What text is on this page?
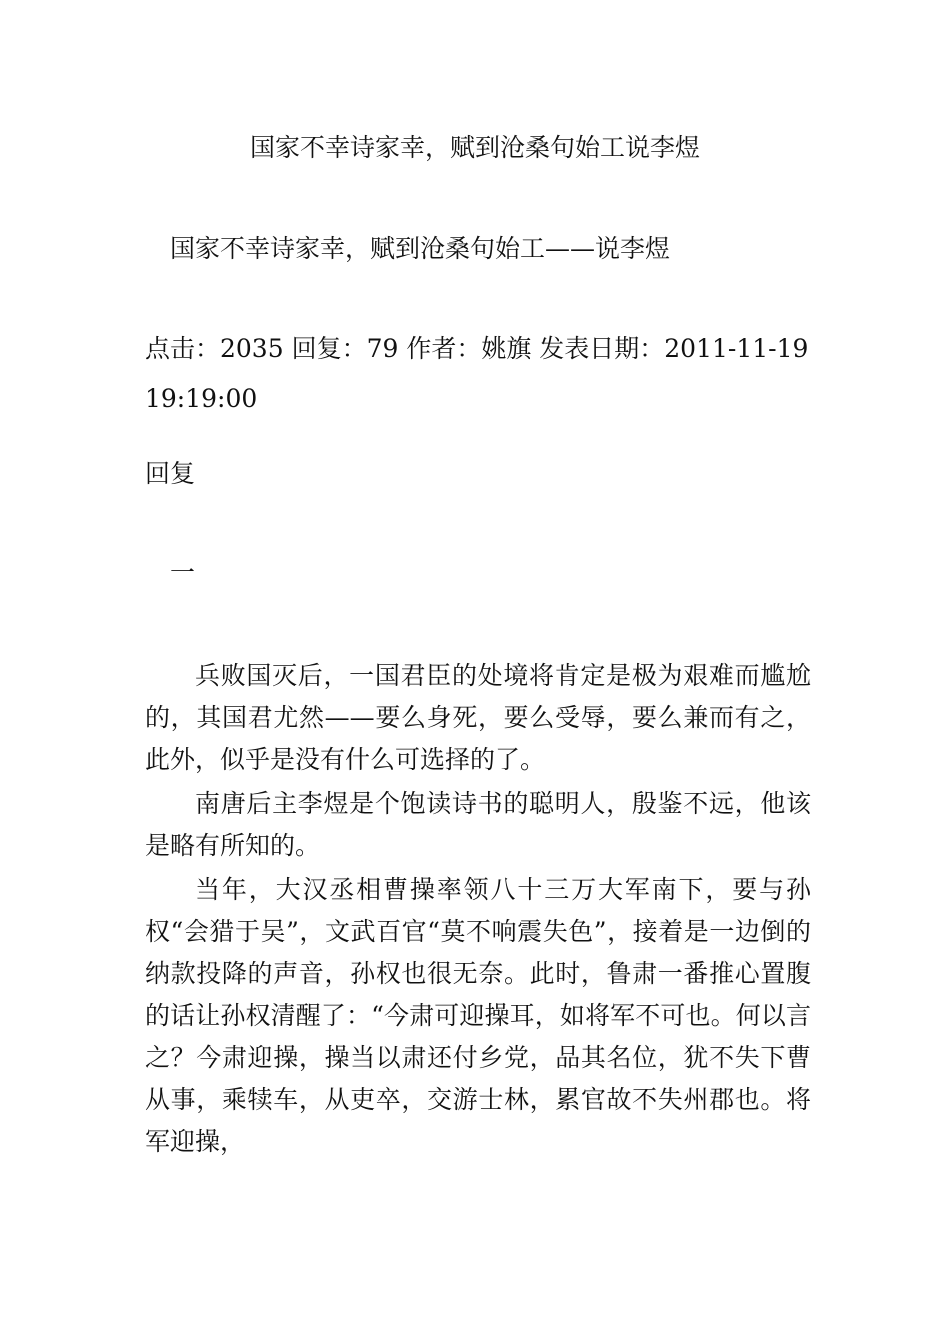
国家不幸诗家幸，赋到沧桑句始工说李煜
国家不幸诗家幸，赋到沧桑句始工——说李煜
点击：2035 回复：79 作者：姚旗 发表日期：2011-11-19
19:19:00
回复
一

兵败国灭后，一国君臣的处境将肯定是极为艰难而尴尬的，其国君尤然——要么身死，要么受辱，要么兼而有之，此外，似乎是没有什么可选择的了。

南唐后主李煜是个饱读诗书的聪明人，殷鉴不远，他该是略有所知的。

当年，大汉丞相曹操率领八十三万大军南下，要与孙权“会猎于吴”，文武百官“莫不响震失色”，接着是一边倒的纳款投降的声音，孙权也很无奈。此时，鲁肃一番推心置腹的话让孙权清醒了：“今肃可迎操耳，如将军不可也。何以言之？今肃迎操，操当以肃还付乡党，品其名位，犹不失下曹从事，乘犊车，从吏卒，交游士林，累官故不失州郡也。将军迎操，
